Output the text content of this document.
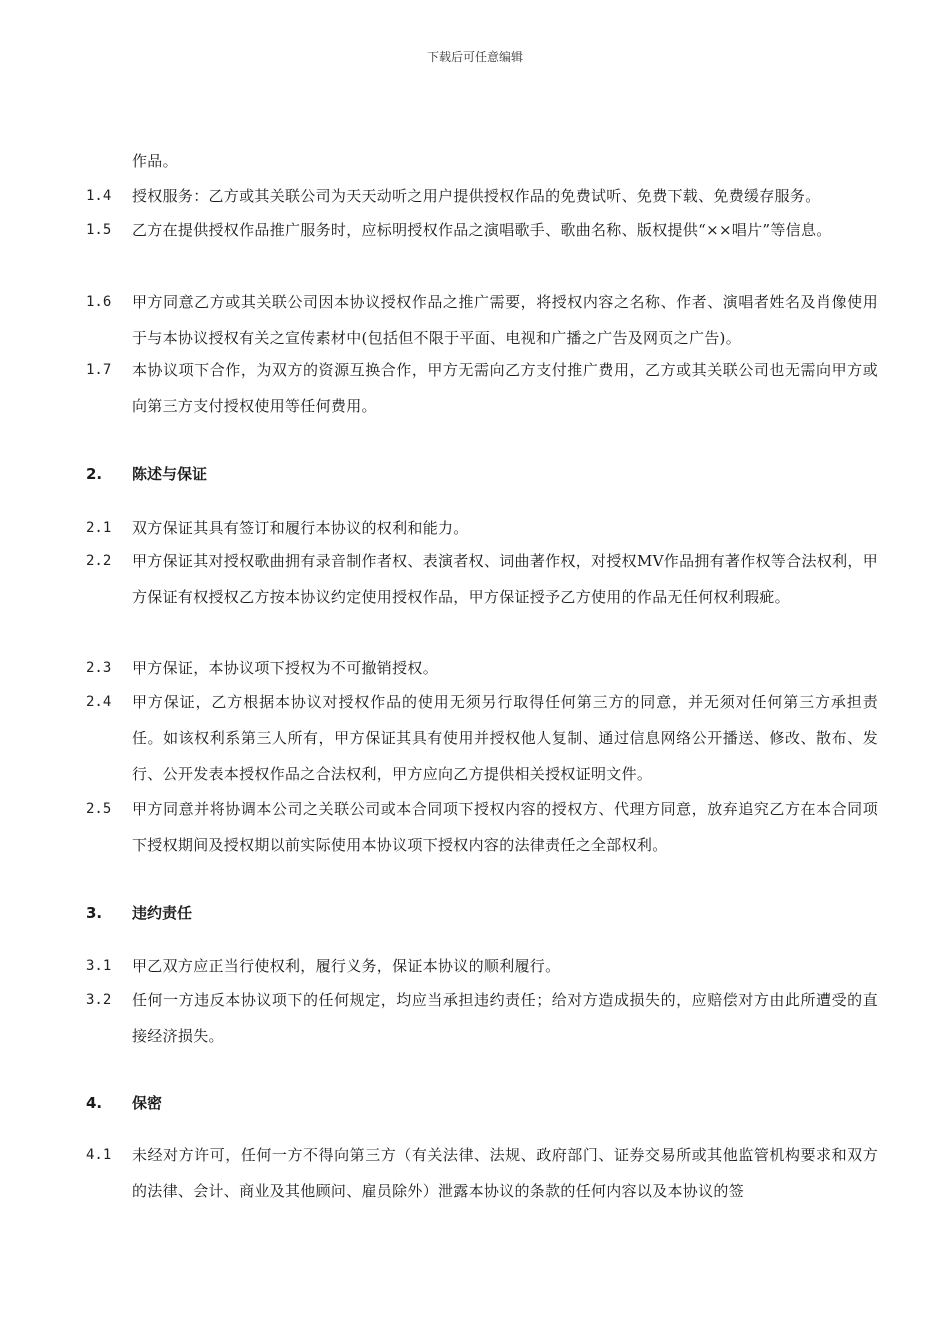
下载后可任意编辑
作品。
1.4	授权服务：乙方或其关联公司为天天动听之用户提供授权作品的免费试听、免费下载、免费缓存服务。
1.5	乙方在提供授权作品推广服务时，应标明授权作品之演唱歌手、歌曲名称、版权提供“××唱片”等信息。
1.6	甲方同意乙方或其关联公司因本协议授权作品之推广需要，将授权内容之名称、作者、演唱者姓名及肖像使用于与本协议授权有关之宣传素材中(包括但不限于平面、电视和广播之广告及网页之广告)。
1.7	本协议项下合作，为双方的资源互换合作，甲方无需向乙方支付推广费用，乙方或其关联公司也无需向甲方或向第三方支付授权使用等任何费用。
2. 陈述与保证
2.1	双方保证其具有签订和履行本协议的权利和能力。
2.2	甲方保证其对授权歌曲拥有录音制作者权、表演者权、词曲著作权，对授权MV作品拥有著作权等合法权利，甲方保证有权授权乙方按本协议约定使用授权作品，甲方保证授予乙方使用的作品无任何权利瑕疵。
2.3	甲方保证，本协议项下授权为不可撤销授权。
2.4	甲方保证，乙方根据本协议对授权作品的使用无须另行取得任何第三方的同意，并无须对任何第三方承担责任。如该权利系第三人所有，甲方保证其具有使用并授权他人复制、通过信息网络公开播送、修改、散布、发行、公开发表本授权作品之合法权利，甲方应向乙方提供相关授权证明文件。
2.5	甲方同意并将协调本公司之关联公司或本合同项下授权内容的授权方、代理方同意，放弃追究乙方在本合同项下授权期间及授权期以前实际使用本协议项下授权内容的法律责任之全部权利。
3. 违约责任
3.1	甲乙双方应正当行使权利，履行义务，保证本协议的顺利履行。
3.2	任何一方违反本协议项下的任何规定，均应当承担违约责任；给对方造成损失的，应赔偿对方由此所遭受的直接经济损失。
4. 保密
4.1	未经对方许可，任何一方不得向第三方（有关法律、法规、政府部门、证券交易所或其他监管机构要求和双方的法律、会计、商业及其他顾问、雇员除外）泄露本协议的条款的任何内容以及本协议的签
